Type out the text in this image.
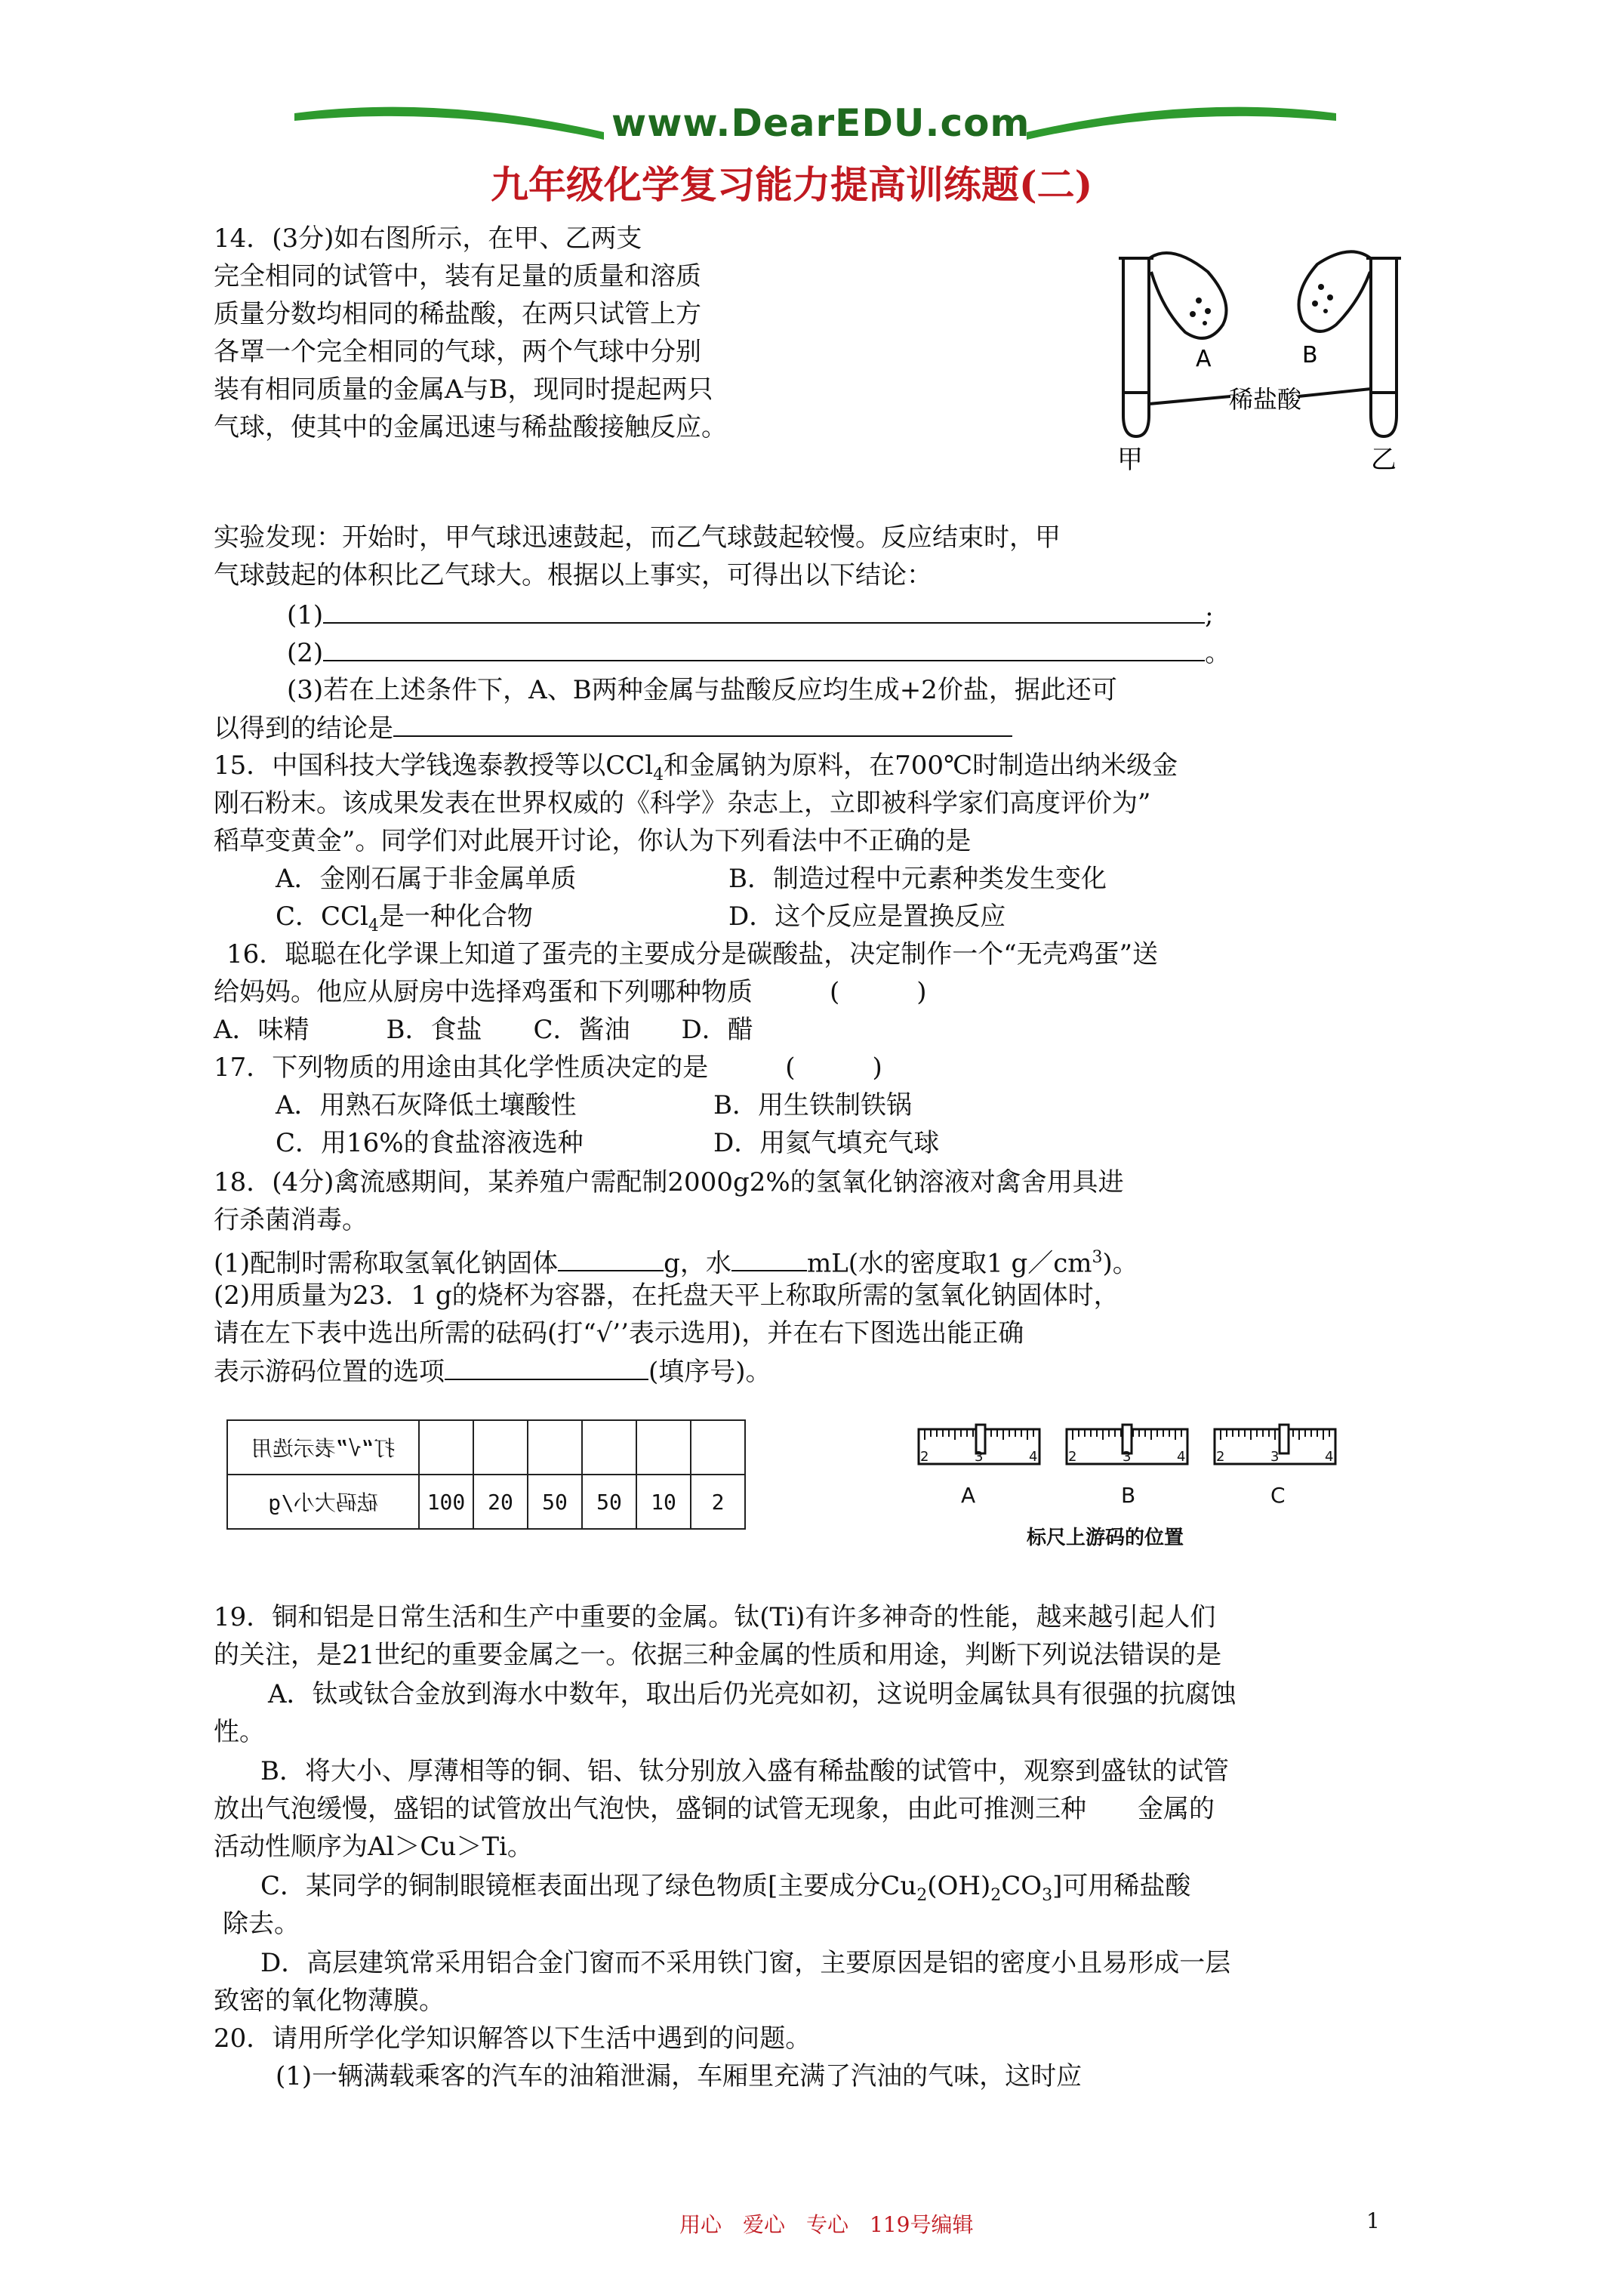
www.DearEDU.com
九年级化学复习能力提高训练题(二)
14．(3分)如右图所示，在甲、乙两支
完全相同的试管中，装有足量的质量和溶质
质量分数均相同的稀盐酸，在两只试管上方
各罩一个完全相同的气球，两个气球中分别
装有相同质量的金属A与B，现同时提起两只
气球，使其中的金属迅速与稀盐酸接触反应。
A	B
稀盐酸
甲	乙
实验发现：开始时，甲气球迅速鼓起，而乙气球鼓起较慢。反应结束时，甲
气球鼓起的体积比乙气球大。根据以上事实，可得出以下结论：
(1)	;
(2)	。
(3)若在上述条件下，A、B两种金属与盐酸反应均生成+2价盐，据此还可
以得到的结论是
15．中国科技大学钱逸泰教授等以CCl$_4$和金属钠为原料，在700℃时制造出纳米级金
刚石粉末。该成果发表在世界权威的《科学》杂志上，立即被科学家们高度评价为”
稻草变黄金”。同学们对此展开讨论，你认为下列看法中不正确的是
A．金刚石属于非金属单质	B．制造过程中元素种类发生变化
C．CCl$_4$是一种化合物	D．这个反应是置换反应
16．聪聪在化学课上知道了蛋壳的主要成分是碳酸盐，决定制作一个“无壳鸡蛋”送
给妈妈。他应从厨房中选择鸡蛋和下列哪种物质　　　(　　　)
A．味精　　　B．食盐　　C．酱油　　D．醋
17．下列物质的用途由其化学性质决定的是　　　(　　　)
A．用熟石灰降低土壤酸性	B．用生铁制铁锅
C．用16%的食盐溶液选种	D．用氦气填充气球
18．(4分)禽流感期间，某养殖户需配制2000g2%的氢氧化钠溶液对禽舍用具进
行杀菌消毒。
(1)配制时需称取氢氧化钠固体	g，水	mL(水的密度取1 $g/cm^3$)。
(2)用质量为23．1 g的烧杯为容器，在托盘天平上称取所需的氢氧化钠固体时，
请在左下表中选出所需的砝码(打“√’’表示选用)，并在右下图选出能正确
表示游码位置的选项	(填序号)。
打“√”表示选用						
砝码大小/g	100	20	50	50	10	2
2	3	4 2	3	4 2	3	4
A	B	C
标尺上游码的位置
19．铜和铝是日常生活和生产中重要的金属。钛(Ti)有许多神奇的性能，越来越引起人们
的关注，是21世纪的重要金属之一。依据三种金属的性质和用途，判断下列说法错误的是
A．钛或钛合金放到海水中数年，取出后仍光亮如初，这说明金属钛具有很强的抗腐蚀
性。
B．将大小、厚薄相等的铜、铝、钛分别放入盛有稀盐酸的试管中，观察到盛钛的试管
放出气泡缓慢，盛铝的试管放出气泡快，盛铜的试管无现象，由此可推测三种　　金属的
活动性顺序为Al＞Cu＞Ti。
C．某同学的铜制眼镜框表面出现了绿色物质[主要成分$Cu_2(OH)_2CO_3$]可用稀盐酸
除去。
D．高层建筑常采用铝合金门窗而不采用铁门窗，主要原因是铝的密度小且易形成一层
致密的氧化物薄膜。
20．请用所学化学知识解答以下生活中遇到的问题。
(1)一辆满载乘客的汽车的油箱泄漏，车厢里充满了汽油的气味，这时应
用心　爱心　专心　119号编辑	1
